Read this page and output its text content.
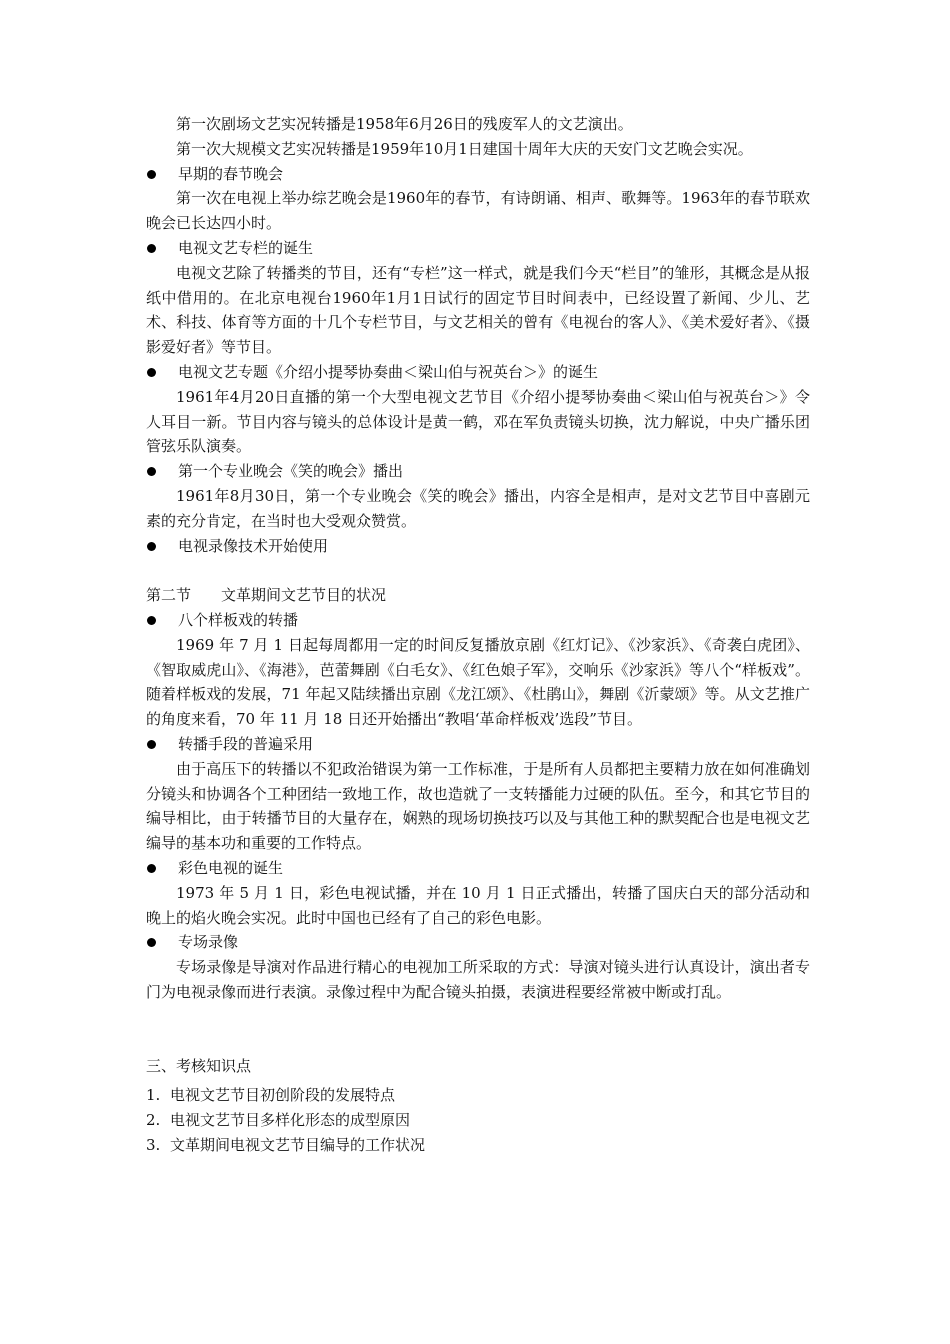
第一次剧场文艺实况转播是1958年6月26日的残废军人的文艺演出。

第一次大规模文艺实况转播是1959年10月1日建国十周年大庆的天安门文艺晚会实况。

早期的春节晚会

第一次在电视上举办综艺晚会是1960年的春节，有诗朗诵、相声、歌舞等。1963年的春节联欢晚会已长达四小时。

电视文艺专栏的诞生

电视文艺除了转播类的节目，还有“专栏”这一样式，就是我们今天“栏目”的雏形，其概念是从报纸中借用的。在北京电视台1960年1月1日试行的固定节目时间表中，已经设置了新闻、少儿、艺术、科技、体育等方面的十几个专栏节目，与文艺相关的曾有《电视台的客人》、《美术爱好者》、《摄影爱好者》等节目。

电视文艺专题《介绍小提琴协奏曲＜梁山伯与祝英台＞》的诞生

1961年4月20日直播的第一个大型电视文艺节目《介绍小提琴协奏曲＜梁山伯与祝英台＞》令人耳目一新。节目内容与镜头的总体设计是黄一鹤，邓在军负责镜头切换，沈力解说，中央广播乐团管弦乐队演奏。

第一个专业晚会《笑的晚会》播出

1961年8月30日，第一个专业晚会《笑的晚会》播出，内容全是相声，是对文艺节目中喜剧元素的充分肯定，在当时也大受观众赞赏。

电视录像技术开始使用

第二节　　文革期间文艺节目的状况

八个样板戏的转播

1969 年 7 月 1 日起每周都用一定的时间反复播放京剧《红灯记》、《沙家浜》、《奇袭白虎团》、《智取威虎山》、《海港》，芭蕾舞剧《白毛女》、《红色娘子军》，交响乐《沙家浜》等八个“样板戏”。随着样板戏的发展，71 年起又陆续播出京剧《龙江颂》、《杜鹃山》，舞剧《沂蒙颂》等。从文艺推广的角度来看，70 年 11 月 18 日还开始播出“教唱‘革命样板戏’选段”节目。

转播手段的普遍采用

由于高压下的转播以不犯政治错误为第一工作标准，于是所有人员都把主要精力放在如何准确划分镜头和协调各个工种团结一致地工作，故也造就了一支转播能力过硬的队伍。至今，和其它节目的编导相比，由于转播节目的大量存在，娴熟的现场切换技巧以及与其他工种的默契配合也是电视文艺编导的基本功和重要的工作特点。

彩色电视的诞生

1973 年 5 月 1 日，彩色电视试播，并在 10 月 1 日正式播出，转播了国庆白天的部分活动和晚上的焰火晚会实况。此时中国也已经有了自己的彩色电影。

专场录像

专场录像是导演对作品进行精心的电视加工所采取的方式：导演对镜头进行认真设计，演出者专门为电视录像而进行表演。录像过程中为配合镜头拍摄，表演进程要经常被中断或打乱。

三、考核知识点

1. 电视文艺节目初创阶段的发展特点

2. 电视文艺节目多样化形态的成型原因

3. 文革期间电视文艺节目编导的工作状况
